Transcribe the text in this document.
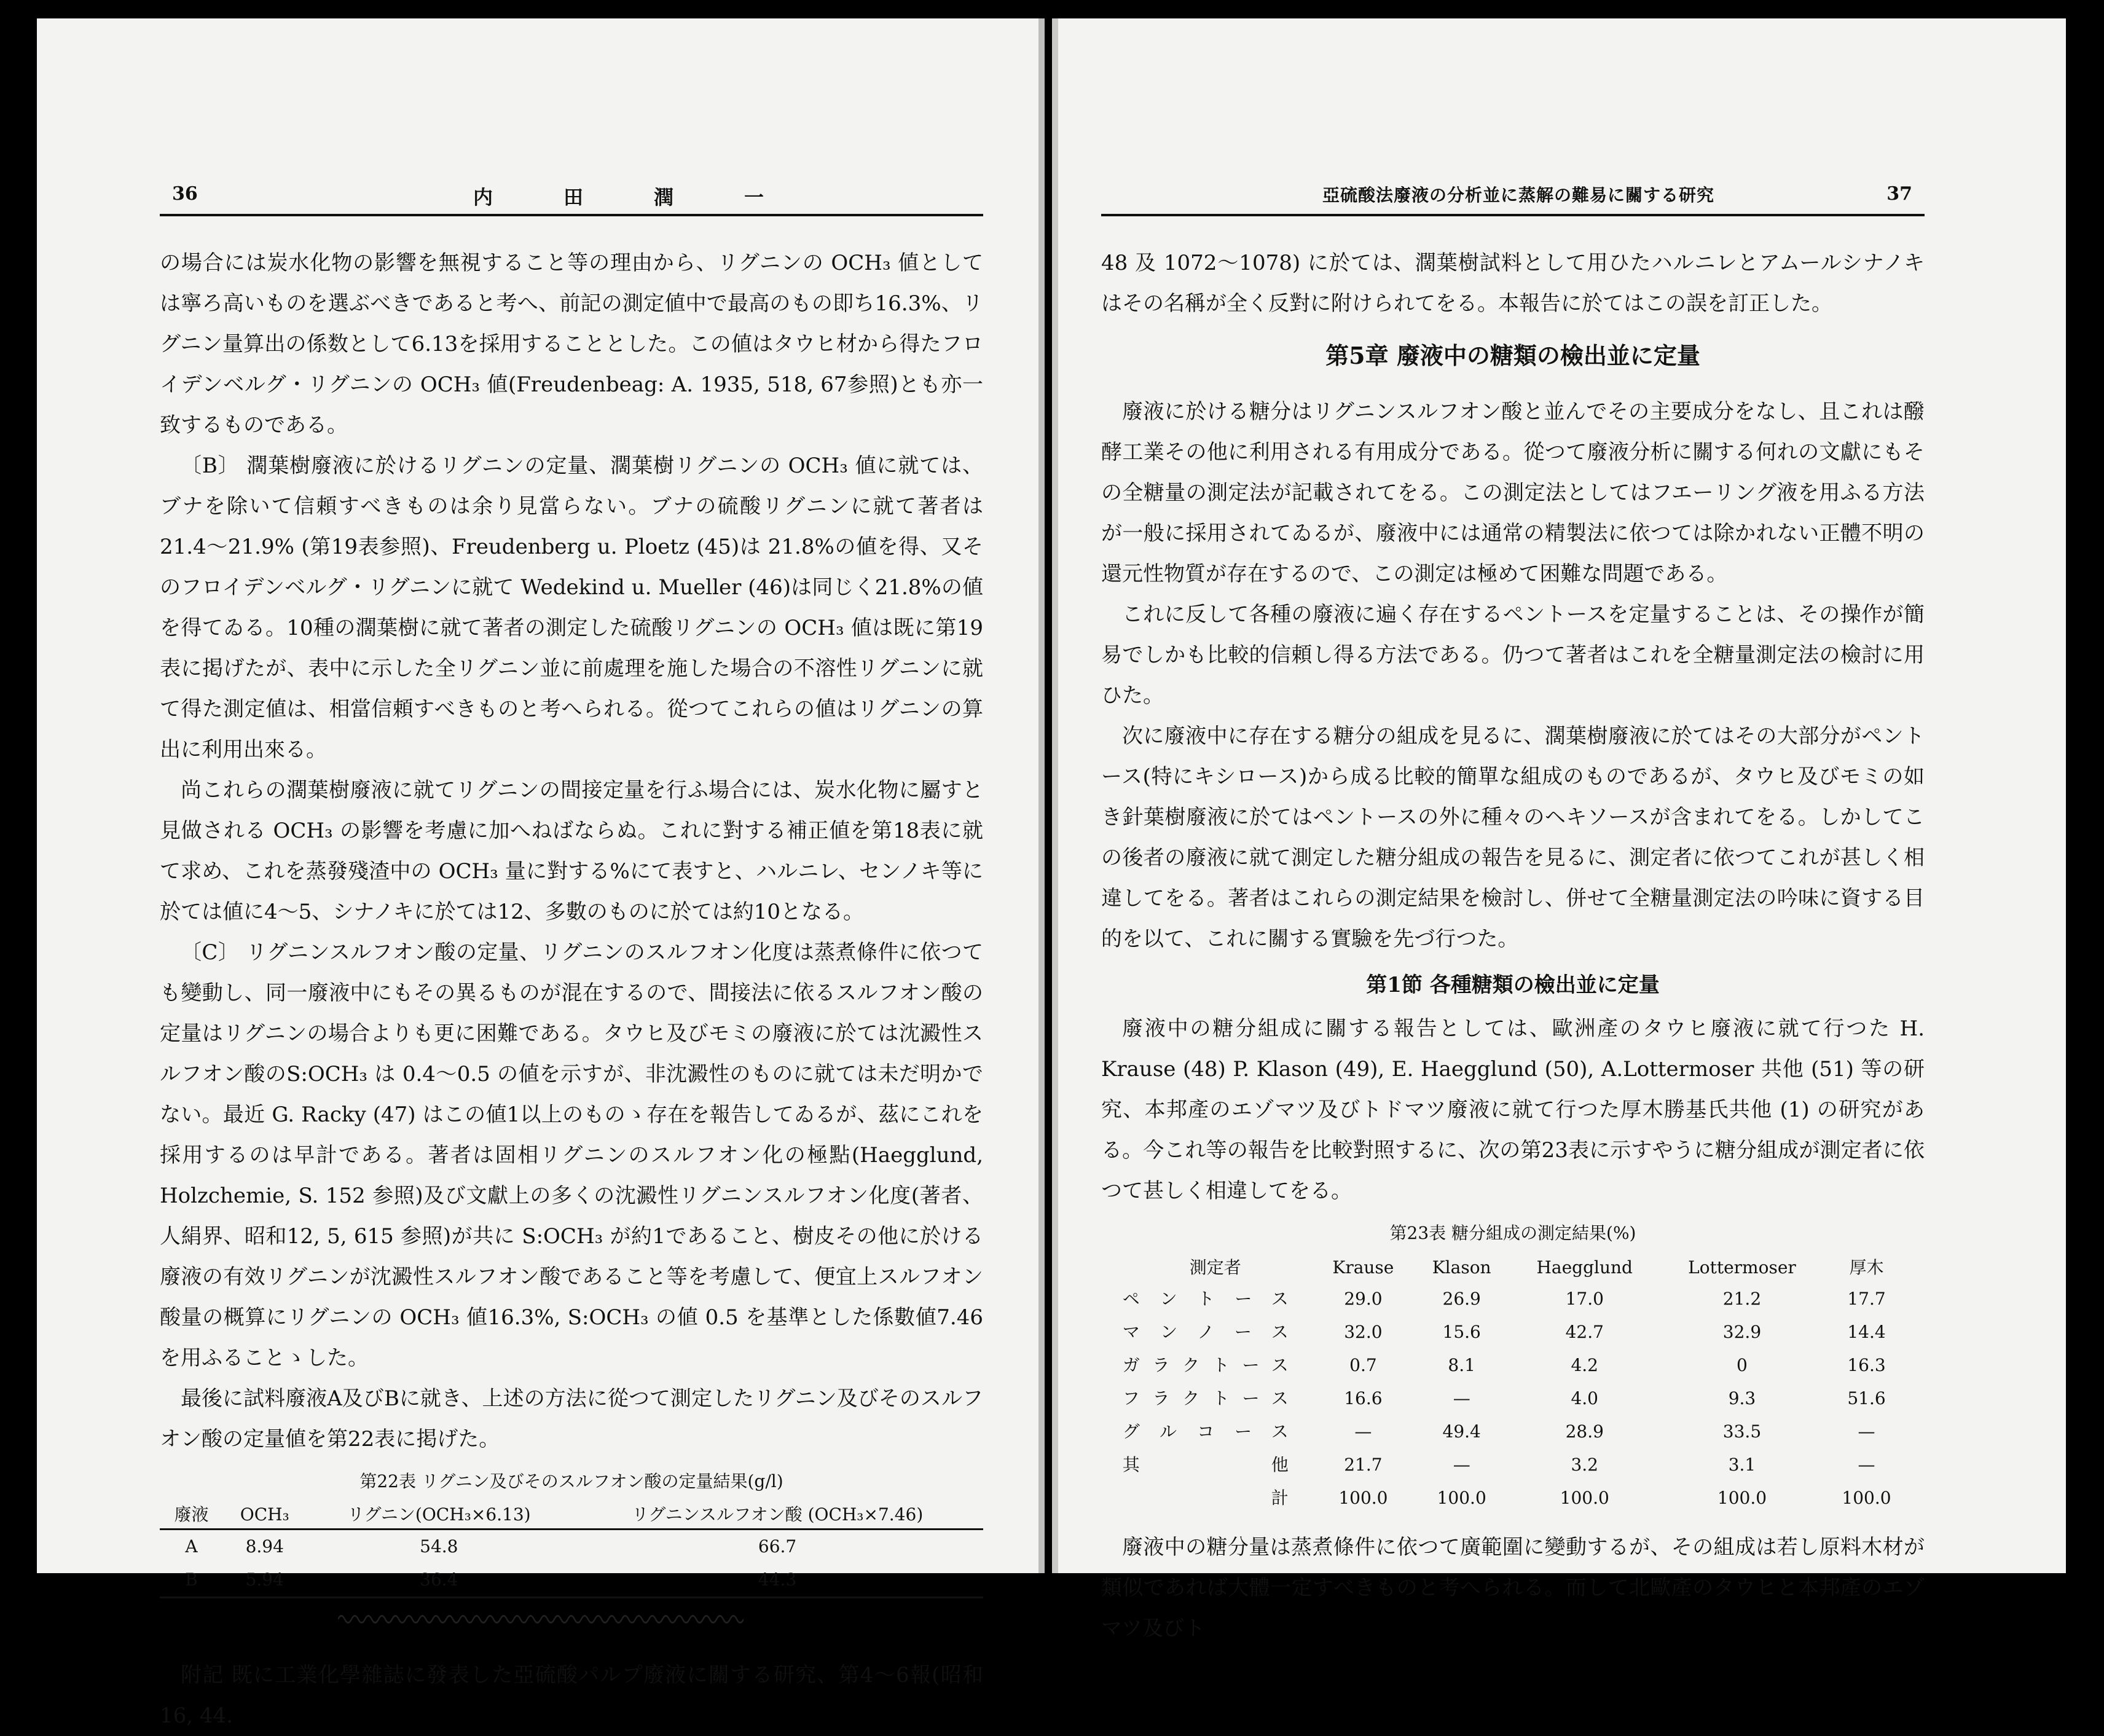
36	内田潤一

の場合には炭水化物の影響を無視すること等の理由から、リグニンの OCH₃ 値としては寧ろ高いものを選ぶべきであると考へ、前記の測定値中で最高のもの即ち16.3%、リグニン量算出の係数として6.13を採用することとした。この値はタウヒ材から得たフロイデンベルグ・リグニンの OCH₃ 値(Freudenbeag: A. 1935, 518, 67参照)とも亦一致するものである。

〔B〕 濶葉樹廢液に於けるリグニンの定量、濶葉樹リグニンの OCH₃ 値に就ては、ブナを除いて信頼すべきものは余り見當らない。ブナの硫酸リグニンに就て著者は 21.4～21.9% (第19表参照)、Freudenberg u. Ploetz (45)は 21.8%の値を得、又そのフロイデンベルグ・リグニンに就て Wedekind u. Mueller (46)は同じく21.8%の値を得てゐる。10種の濶葉樹に就て著者の測定した硫酸リグニンの OCH₃ 値は既に第19表に掲げたが、表中に示した全リグニン並に前處理を施した場合の不溶性リグニンに就て得た測定値は、相當信頼すべきものと考へられる。從つてこれらの値はリグニンの算出に利用出來る。

尚これらの濶葉樹廢液に就てリグニンの間接定量を行ふ場合には、炭水化物に屬すと見做される OCH₃ の影響を考慮に加へねばならぬ。これに對する補正値を第18表に就て求め、これを蒸發殘渣中の OCH₃ 量に對する%にて表すと、ハルニレ、センノキ等に於ては値に4～5、シナノキに於ては12、多數のものに於ては約10となる。

〔C〕 リグニンスルフオン酸の定量、リグニンのスルフオン化度は蒸煮條件に依つても變動し、同一廢液中にもその異るものが混在するので、間接法に依るスルフオン酸の定量はリグニンの場合よりも更に困難である。タウヒ及びモミの廢液に於ては沈澱性スルフオン酸のS:OCH₃ は 0.4～0.5 の値を示すが、非沈澱性のものに就ては未だ明かでない。最近 G. Racky (47) はこの値1以上のものゝ存在を報告してゐるが、茲にこれを採用するのは早計である。著者は固相リグニンのスルフオン化の極點(Haegglund, Holzchemie, S. 152 参照)及び文獻上の多くの沈澱性リグニンスルフオン化度(著者、人絹界、昭和12, 5, 615 参照)が共に S:OCH₃ が約1であること、樹皮その他に於ける廢液の有效リグニンが沈澱性スルフオン酸であること等を考慮して、便宜上スルフオン酸量の概算にリグニンの OCH₃ 値16.3%, S:OCH₃ の値 0.5 を基準とした係數値7.46を用ふることゝした。

最後に試料廢液A及びBに就き、上述の方法に從つて測定したリグニン及びそのスルフオン酸の定量値を第22表に掲げた。

第22表 リグニン及びそのスルフオン酸の定量結果(g/l)
廢液	OCH₃	リグニン(OCH₃×6.13)	リグニンスルフオン酸 (OCH₃×7.46)
A	8.94	54.8	66.7
B	5.94	36.4	44.3

附記 既に工業化學雜誌に發表した亞硫酸パルプ廢液に關する研究、第4～6報(昭和16, 44.

亞硫酸法廢液の分析並に蒸解の難易に關する研究	37

48 及 1072～1078) に於ては、濶葉樹試料として用ひたハルニレとアムールシナノキはその名稱が全く反對に附けられてをる。本報告に於てはこの誤を訂正した。

第5章 廢液中の糖類の檢出並に定量

廢液に於ける糖分はリグニンスルフオン酸と並んでその主要成分をなし、且これは醱酵工業その他に利用される有用成分である。從つて廢液分析に關する何れの文獻にもその全糖量の測定法が記載されてをる。この測定法としてはフエーリング液を用ふる方法が一般に採用されてゐるが、廢液中には通常の精製法に依つては除かれない正體不明の還元性物質が存在するので、この測定は極めて困難な問題である。

これに反して各種の廢液に遍く存在するペントースを定量することは、その操作が簡易でしかも比較的信頼し得る方法である。仍つて著者はこれを全糖量測定法の檢討に用ひた。

次に廢液中に存在する糖分の組成を見るに、濶葉樹廢液に於てはその大部分がペントース(特にキシロース)から成る比較的簡單な組成のものであるが、タウヒ及びモミの如き針葉樹廢液に於てはペントースの外に種々のヘキソースが含まれてをる。しかしてこの後者の廢液に就て測定した糖分組成の報告を見るに、測定者に依つてこれが甚しく相違してをる。著者はこれらの測定結果を檢討し、併せて全糖量測定法の吟味に資する目的を以て、これに關する實驗を先づ行つた。

第1節 各種糖類の檢出並に定量

廢液中の糖分組成に關する報告としては、歐洲產のタウヒ廢液に就て行つた H. Krause (48) P. Klason (49), E. Haegglund (50), A.Lottermoser 共他 (51) 等の研究、本邦產のエゾマツ及びトドマツ廢液に就て行つた厚木勝基氏共他 (1) の研究がある。今これ等の報告を比較對照するに、次の第23表に示すやうに糖分組成が測定者に依つて甚しく相違してをる。

第23表 糖分組成の測定結果(%)
測定者	Krause	Klason	Haegglund	Lottermoser	厚木
ペントース	29.0	26.9	17.0	21.2	17.7
マンノース	32.0	15.6	42.7	32.9	14.4
ガラクトース	0.7	8.1	4.2	0	16.3
フラクトース	16.6	—	4.0	9.3	51.6
グルコース	—	49.4	28.9	33.5	—
其他	21.7	—	3.2	3.1	—
計	100.0	100.0	100.0	100.0	100.0

廢液中の糖分量は蒸煮條件に依つて廣範圍に變動するが、その組成は若し原料木材が類似であれば大體一定すべきものと考へられる。而して北歐產のタウヒと本邦產のエゾマツ及びト
